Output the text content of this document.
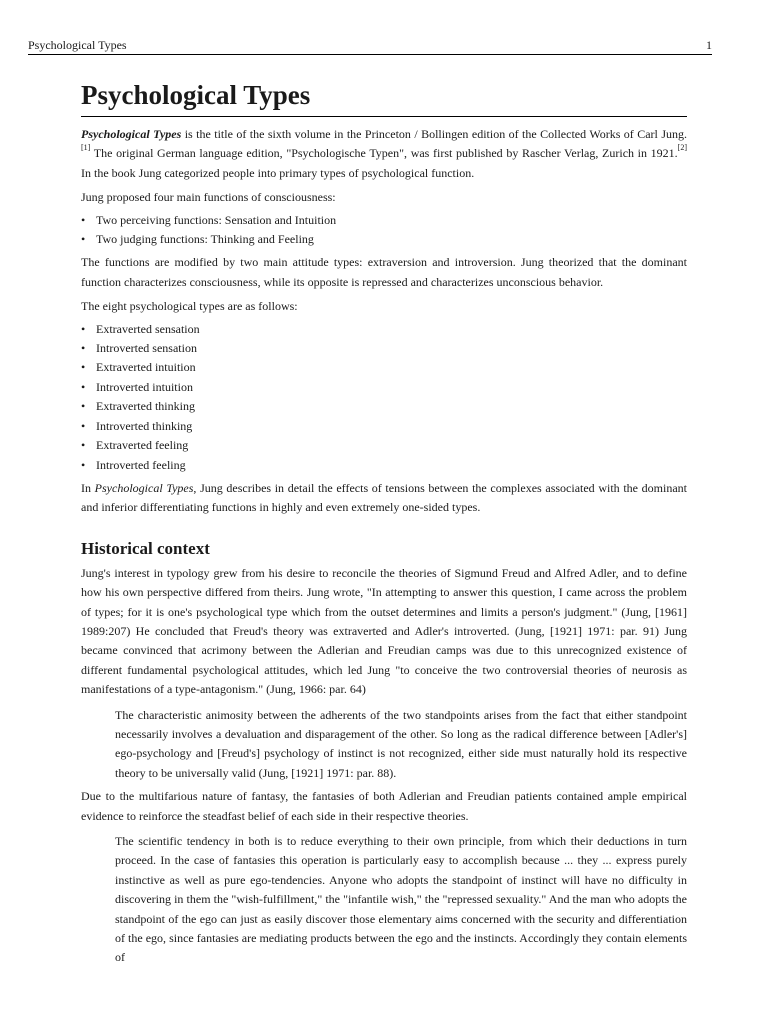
Psychological Types	1
Psychological Types

Psychological Types is the title of the sixth volume in the Princeton / Bollingen edition of the Collected Works of Carl Jung.[1] The original German language edition, "Psychologische Typen", was first published by Rascher Verlag, Zurich in 1921.[2] In the book Jung categorized people into primary types of psychological function.

Jung proposed four main functions of consciousness:

• Two perceiving functions: Sensation and Intuition
• Two judging functions: Thinking and Feeling

The functions are modified by two main attitude types: extraversion and introversion. Jung theorized that the dominant function characterizes consciousness, while its opposite is repressed and characterizes unconscious behavior.

The eight psychological types are as follows:

• Extraverted sensation
• Introverted sensation
• Extraverted intuition
• Introverted intuition
• Extraverted thinking
• Introverted thinking
• Extraverted feeling
• Introverted feeling

In Psychological Types, Jung describes in detail the effects of tensions between the complexes associated with the dominant and inferior differentiating functions in highly and even extremely one-sided types.

Historical context

Jung's interest in typology grew from his desire to reconcile the theories of Sigmund Freud and Alfred Adler, and to define how his own perspective differed from theirs. Jung wrote, "In attempting to answer this question, I came across the problem of types; for it is one's psychological type which from the outset determines and limits a person's judgment." (Jung, [1961] 1989:207) He concluded that Freud's theory was extraverted and Adler's introverted. (Jung, [1921] 1971: par. 91) Jung became convinced that acrimony between the Adlerian and Freudian camps was due to this unrecognized existence of different fundamental psychological attitudes, which led Jung "to conceive the two controversial theories of neurosis as manifestations of a type-antagonism." (Jung, 1966: par. 64)

The characteristic animosity between the adherents of the two standpoints arises from the fact that either standpoint necessarily involves a devaluation and disparagement of the other. So long as the radical difference between [Adler's] ego-psychology and [Freud's] psychology of instinct is not recognized, either side must naturally hold its respective theory to be universally valid (Jung, [1921] 1971: par. 88).

Due to the multifarious nature of fantasy, the fantasies of both Adlerian and Freudian patients contained ample empirical evidence to reinforce the steadfast belief of each side in their respective theories.

The scientific tendency in both is to reduce everything to their own principle, from which their deductions in turn proceed. In the case of fantasies this operation is particularly easy to accomplish because ... they ... express purely instinctive as well as pure ego-tendencies. Anyone who adopts the standpoint of instinct will have no difficulty in discovering in them the "wish-fulfillment," the "infantile wish," the "repressed sexuality." And the man who adopts the standpoint of the ego can just as easily discover those elementary aims concerned with the security and differentiation of the ego, since fantasies are mediating products between the ego and the instincts. Accordingly they contain elements of
